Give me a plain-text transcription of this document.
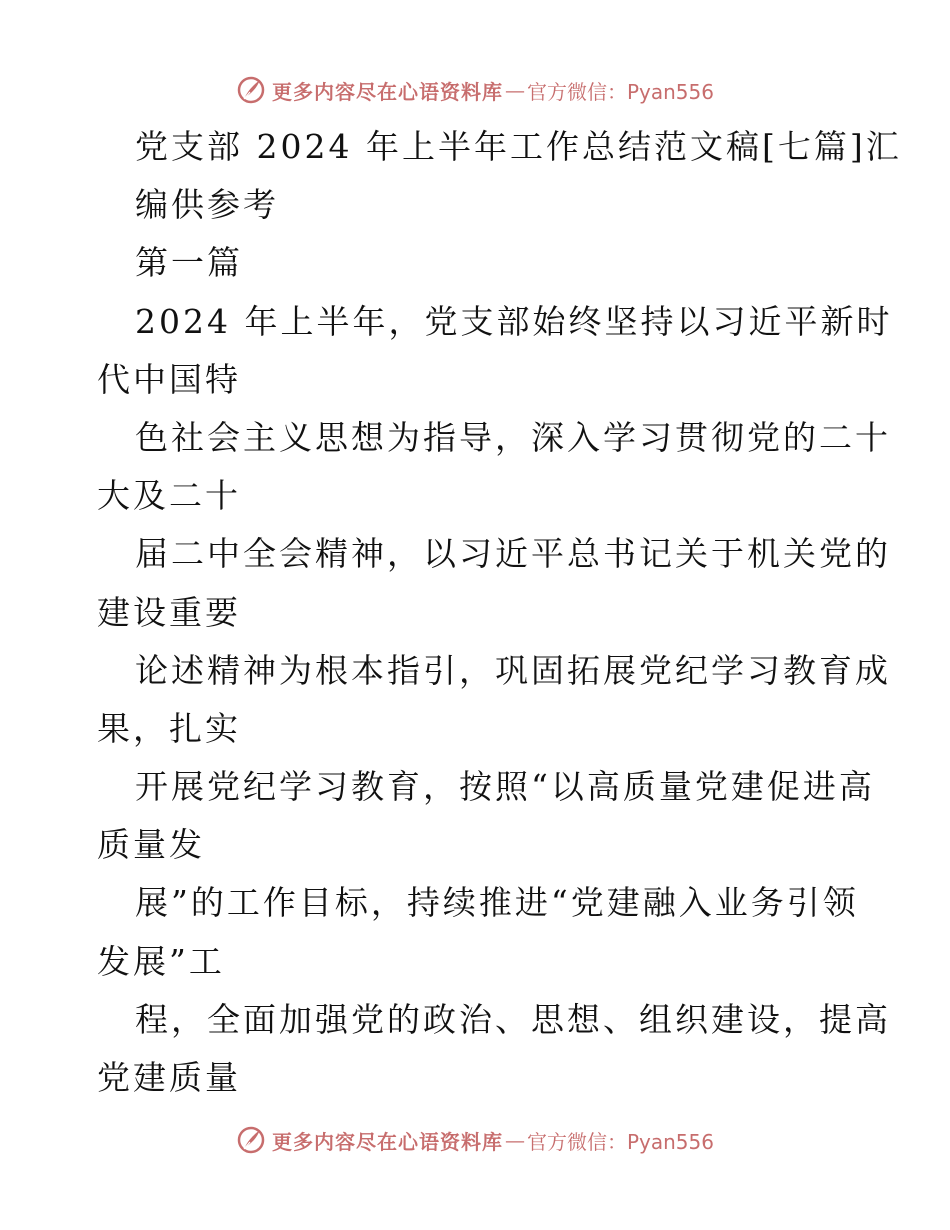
更多内容尽在心语资料库 — 官方微信：Pyan556
党支部 2024 年上半年工作总结范文稿[七篇]汇
编供参考
第一篇
2024 年上半年，党支部始终坚持以习近平新时
代中国特
色社会主义思想为指导，深入学习贯彻党的二十
大及二十
届二中全会精神，以习近平总书记关于机关党的
建设重要
论述精神为根本指引，巩固拓展党纪学习教育成
果，扎实
开展党纪学习教育，按照“以高质量党建促进高
质量发
展”的工作目标，持续推进“党建融入业务引领
发展”工
程，全面加强党的政治、思想、组织建设，提高
党建质量
更多内容尽在心语资料库 — 官方微信：Pyan556
